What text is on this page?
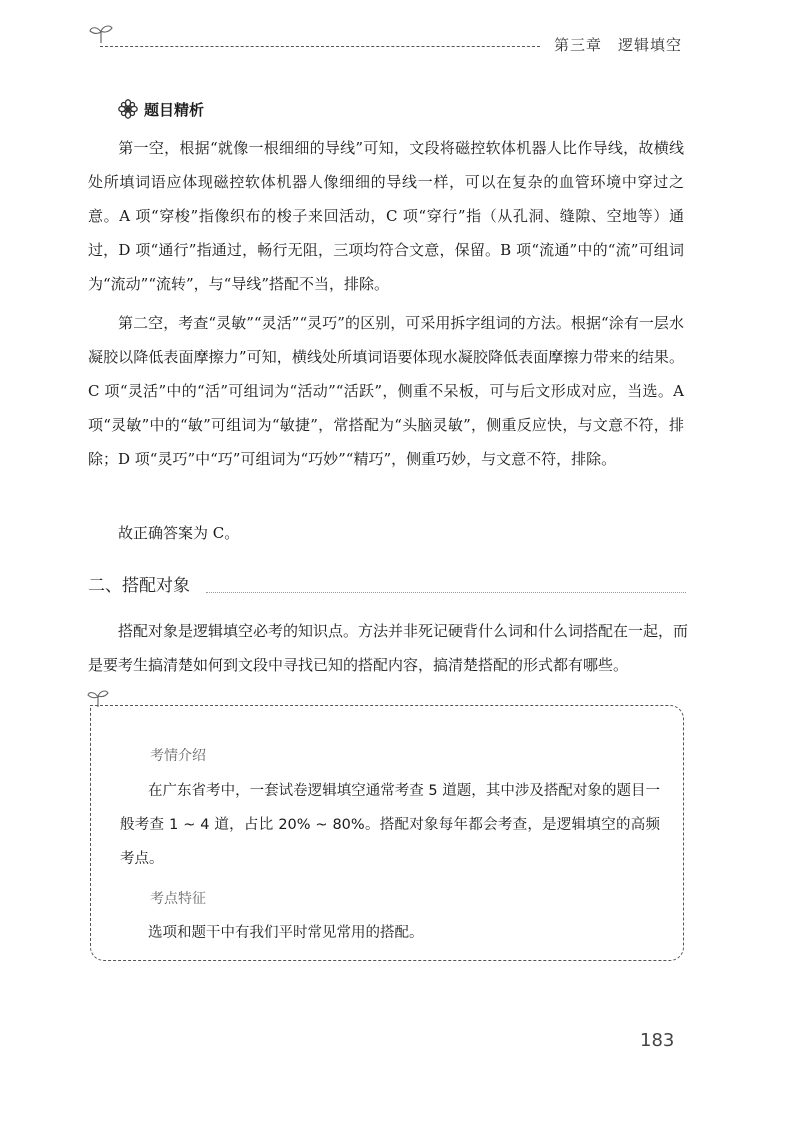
第三章 逻辑填空
题目精析

第一空，根据“就像一根细细的导线”可知，文段将磁控软体机器人比作导线，故横线处所填词语应体现磁控软体机器人像细细的导线一样，可以在复杂的血管环境中穿过之意。A 项“穿梭”指像织布的梭子来回活动，C 项“穿行”指（从孔洞、缝隙、空地等）通过，D 项“通行”指通过，畅行无阻，三项均符合文意，保留。B 项“流通”中的“流”可组词为“流动”“流转”，与“导线”搭配不当，排除。

第二空，考查“灵敏”“灵活”“灵巧”的区别，可采用拆字组词的方法。根据“涂有一层水凝胶以降低表面摩擦力”可知，横线处所填词语要体现水凝胶降低表面摩擦力带来的结果。C 项“灵活”中的“活”可组词为“活动”“活跃”，侧重不呆板，可与后文形成对应，当选。A 项“灵敏”中的“敏”可组词为“敏捷”，常搭配为“头脑灵敏”，侧重反应快，与文意不符，排除；D 项“灵巧”中“巧”可组词为“巧妙”“精巧”，侧重巧妙，与文意不符，排除。

故正确答案为 C。

二、搭配对象

搭配对象是逻辑填空必考的知识点。方法并非死记硬背什么词和什么词搭配在一起，而是要考生搞清楚如何到文段中寻找已知的搭配内容，搞清楚搭配的形式都有哪些。

考情介绍

在广东省考中，一套试卷逻辑填空通常考查 5 道题，其中涉及搭配对象的题目一般考查 1 ~ 4 道，占比 20% ~ 80%。搭配对象每年都会考查，是逻辑填空的高频考点。

考点特征

选项和题干中有我们平时常见常用的搭配。

183
